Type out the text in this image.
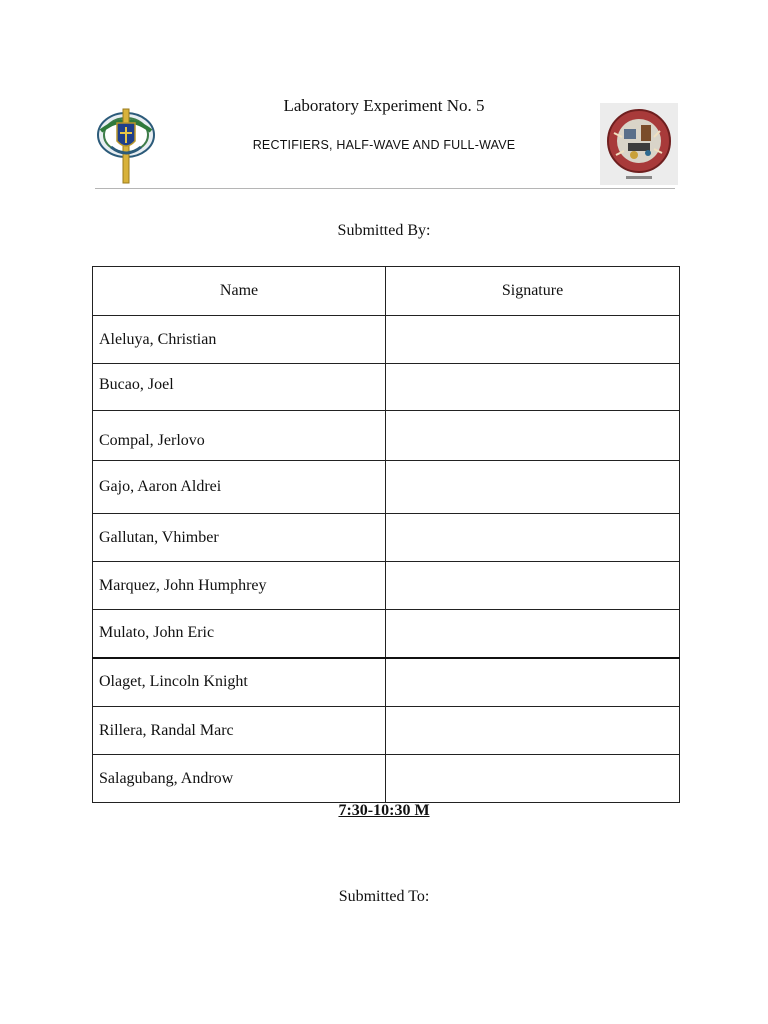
Laboratory Experiment No. 5
RECTIFIERS, HALF-WAVE AND FULL-WAVE
Submitted By:
Name	Signature
Aleluya, Christian	
Bucao, Joel	
Compal, Jerlovo	
Gajo, Aaron Aldrei	
Gallutan, Vhimber	
Marquez, John Humphrey	
Mulato, John Eric	
Olaget, Lincoln Knight	
Rillera, Randal Marc	
Salagubang, Androw	
7:30-10:30 M
Submitted To:
